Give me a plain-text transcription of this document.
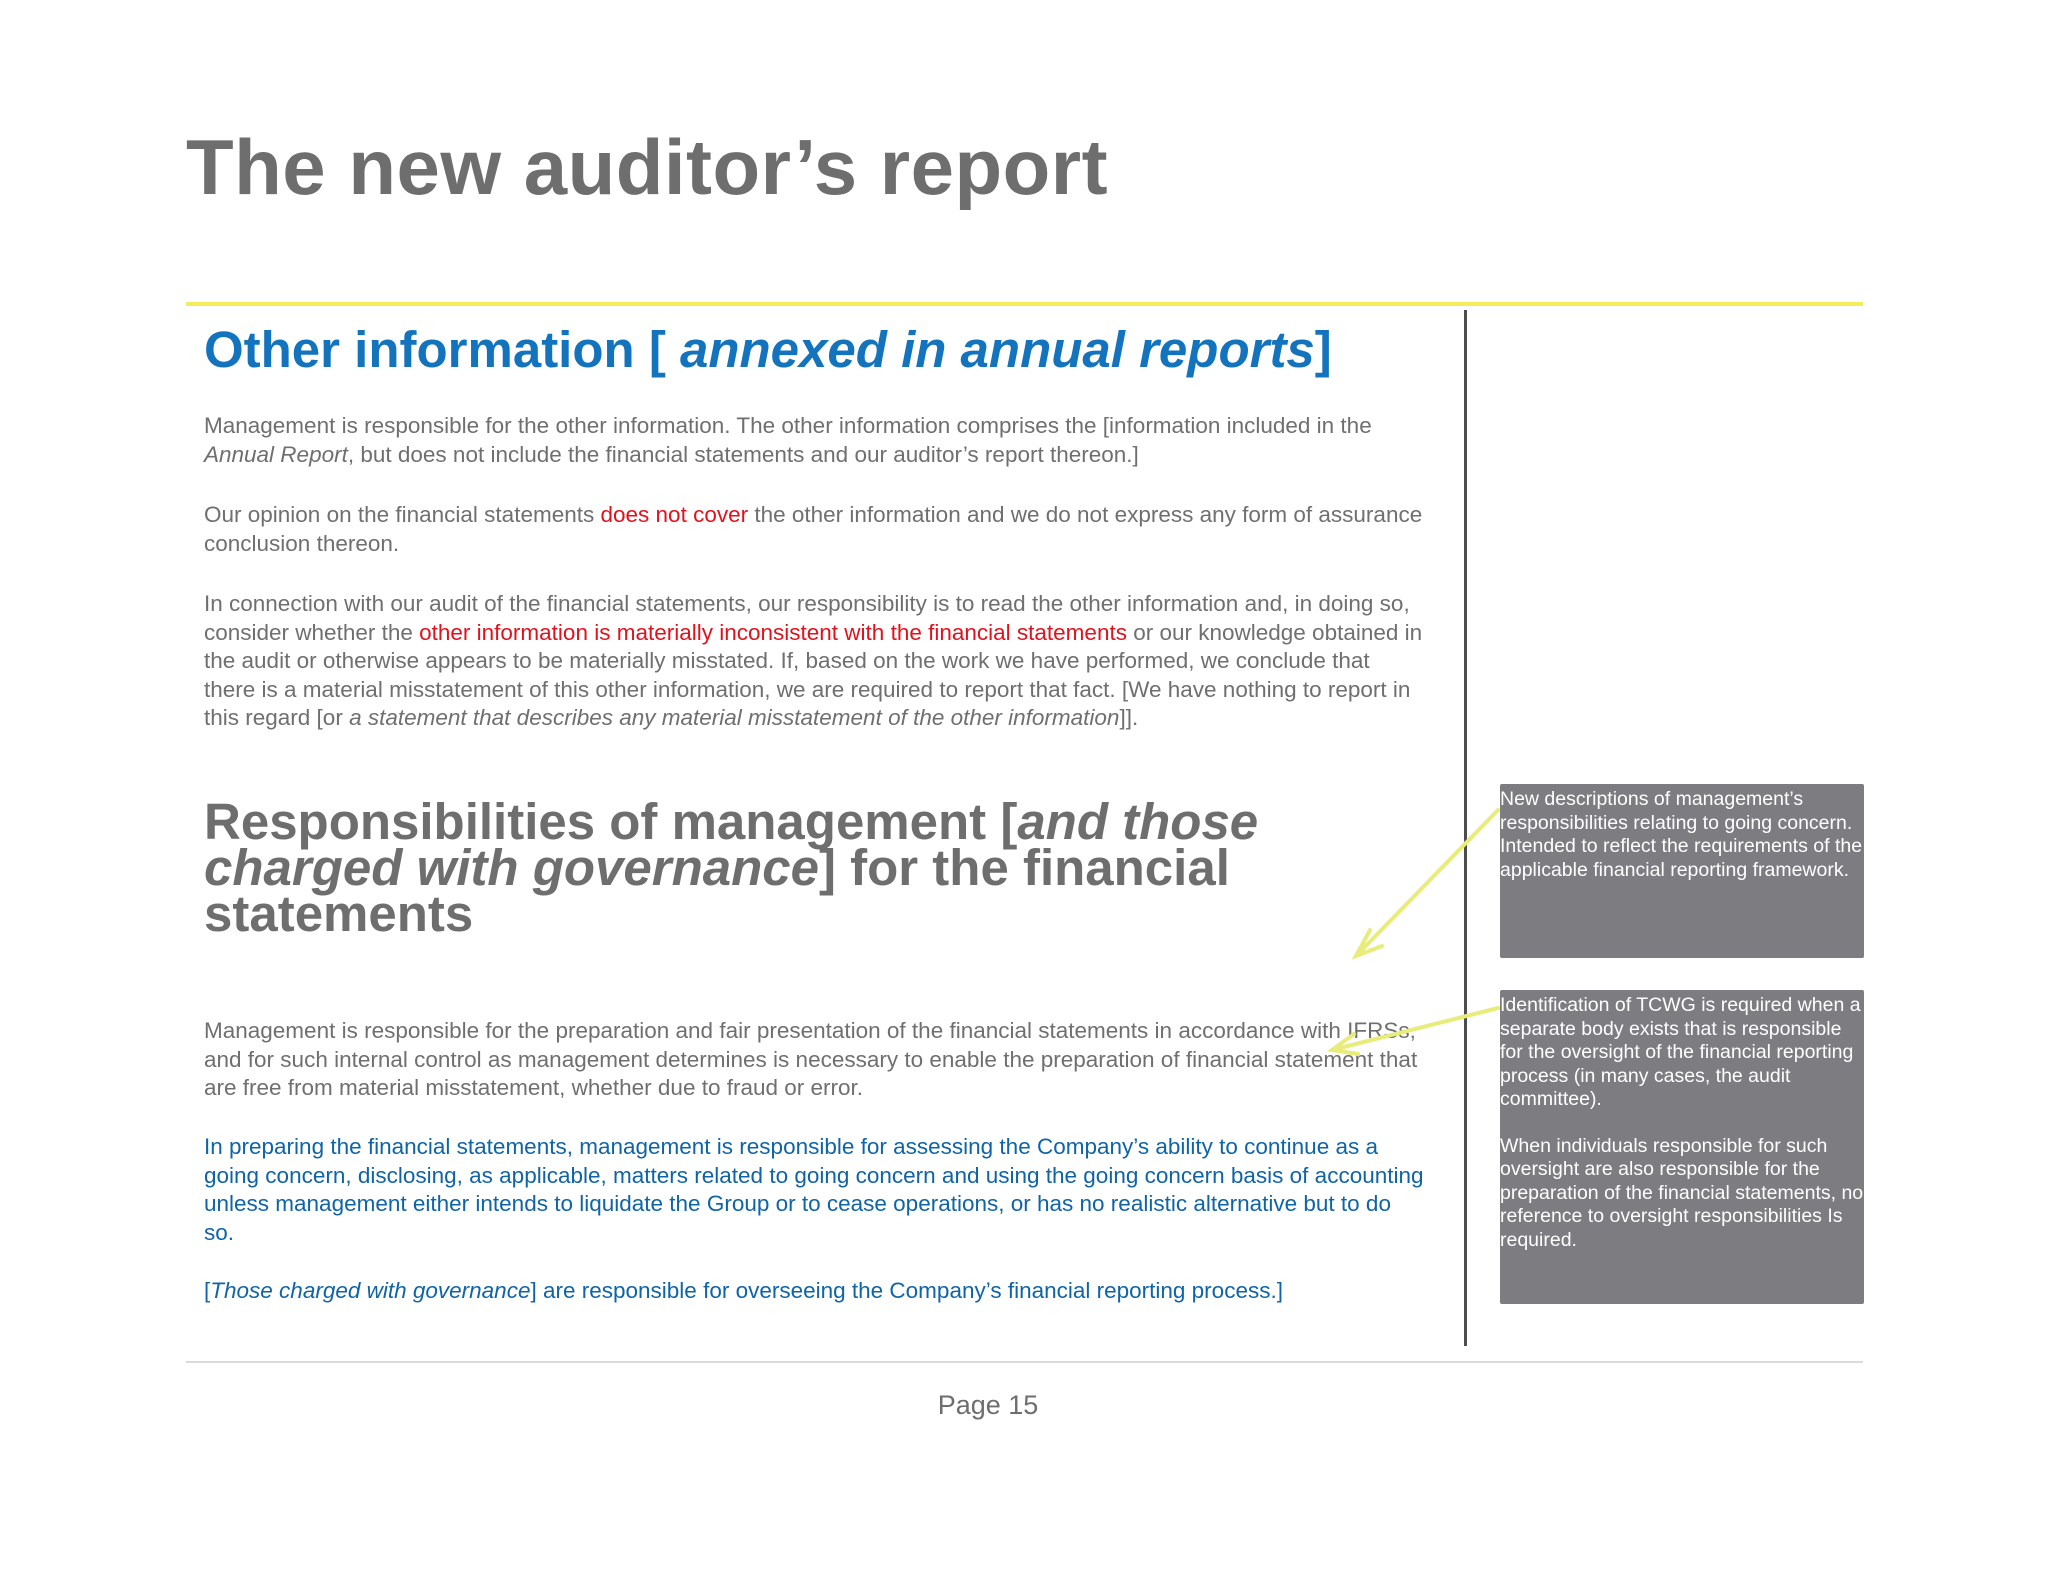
The new auditor’s report
Other information [ annexed in annual reports]

Management is responsible for the other information. The other information comprises the [information included in the Annual Report, but does not include the financial statements and our auditor’s report thereon.]

Our opinion on the financial statements does not cover the other information and we do not express any form of assurance conclusion thereon.

In connection with our audit of the financial statements, our responsibility is to read the other information and, in doing so, consider whether the other information is materially inconsistent with the financial statements or our knowledge obtained in the audit or otherwise appears to be materially misstated. If, based on the work we have performed, we conclude that there is a material misstatement of this other information, we are required to report that fact. [We have nothing to report in this regard [or a statement that describes any material misstatement of the other information]].

Responsibilities of management [and those charged with governance] for the financial statements

Management is responsible for the preparation and fair presentation of the financial statements in accordance with IFRSs, and for such internal control as management determines is necessary to enable the preparation of financial statement that are free from material misstatement, whether due to fraud or error.

In preparing the financial statements, management is responsible for assessing the Company’s ability to continue as a going concern, disclosing, as applicable, matters related to going concern and using the going concern basis of accounting unless management either intends to liquidate the Group or to cease operations, or has no realistic alternative but to do so.

[Those charged with governance] are responsible for overseeing the Company’s financial reporting process.]

New descriptions of management’s responsibilities relating to going concern. Intended to reflect the requirements of the applicable financial reporting framework.

Identification of TCWG is required when a separate body exists that is responsible for the oversight of the financial reporting process (in many cases, the audit committee).

When individuals responsible for such oversight are also responsible for the preparation of the financial statements, no reference to oversight responsibilities Is required.

Page 15
